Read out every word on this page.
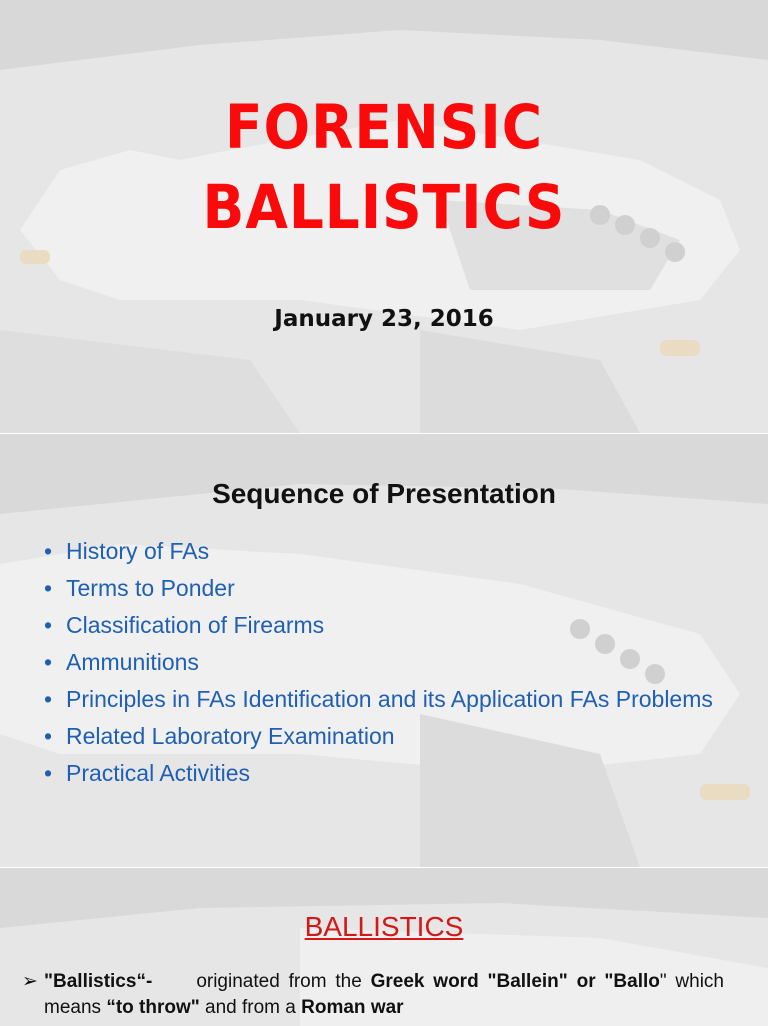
FORENSIC
BALLISTICS
January 23, 2016
Sequence of Presentation
• History of FAs
• Terms to Ponder
• Classification of Firearms
• Ammunitions
• Principles in FAs Identification and its Application FAs Problems
• Related Laboratory Examination
• Practical Activities
BALLISTICS

➢ "Ballistics“- originated from the Greek word "Ballein" or "Ballo" which means “to throw" and from a Roman war
